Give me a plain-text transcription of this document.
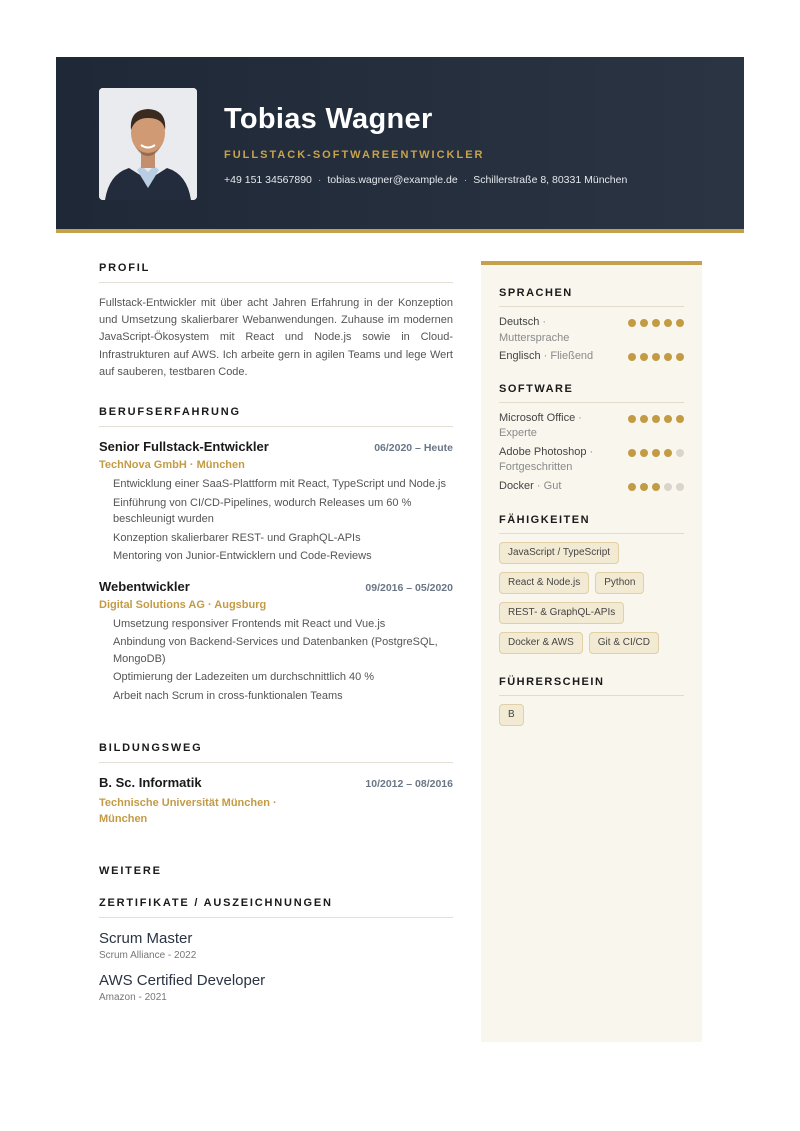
Tobias Wagner
FULLSTACK-SOFTWAREENTWICKLER
+49 151 34567890 · tobias.wagner@example.de · Schillerstraße 8, 80331 München
PROFIL

Fullstack-Entwickler mit über acht Jahren Erfahrung in der Konzeption und Umsetzung skalierbarer Webanwendungen. Zuhause im modernen JavaScript-Ökosystem mit React und Node.js sowie in Cloud-Infrastrukturen auf AWS. Ich arbeite gern in agilen Teams und lege Wert auf sauberen, testbaren Code.

BERUFSERFAHRUNG
Senior Fullstack-Entwickler	06/2020 – Heute
TechNova GmbH · München
Entwicklung einer SaaS-Plattform mit React, TypeScript und Node.js
Einführung von CI/CD-Pipelines, wodurch Releases um 60 % beschleunigt wurden
Konzeption skalierbarer REST- und GraphQL-APIs
Mentoring von Junior-Entwicklern und Code-Reviews
Webentwickler	09/2016 – 05/2020
Digital Solutions AG · Augsburg
Umsetzung responsiver Frontends mit React und Vue.js
Anbindung von Backend-Services und Datenbanken (PostgreSQL, MongoDB)
Optimierung der Ladezeiten um durchschnittlich 40 %
Arbeit nach Scrum in cross-funktionalen Teams
BILDUNGSWEG
B. Sc. Informatik	10/2012 – 08/2016
Technische Universität München · München
WEITERE
ZERTIFIKATE / AUSZEICHNUNGEN
Scrum Master
Scrum Alliance - 2022
AWS Certified Developer
Amazon - 2021
SPRACHEN
Deutsch · Muttersprache
Englisch · Fließend
SOFTWARE
Microsoft Office · Experte
Adobe Photoshop · Fortgeschritten
Docker · Gut
FÄHIGKEITEN
JavaScript / TypeScript
React & Node.js	Python
REST- & GraphQL-APIs
Docker & AWS	Git & CI/CD
FÜHRERSCHEIN
B
